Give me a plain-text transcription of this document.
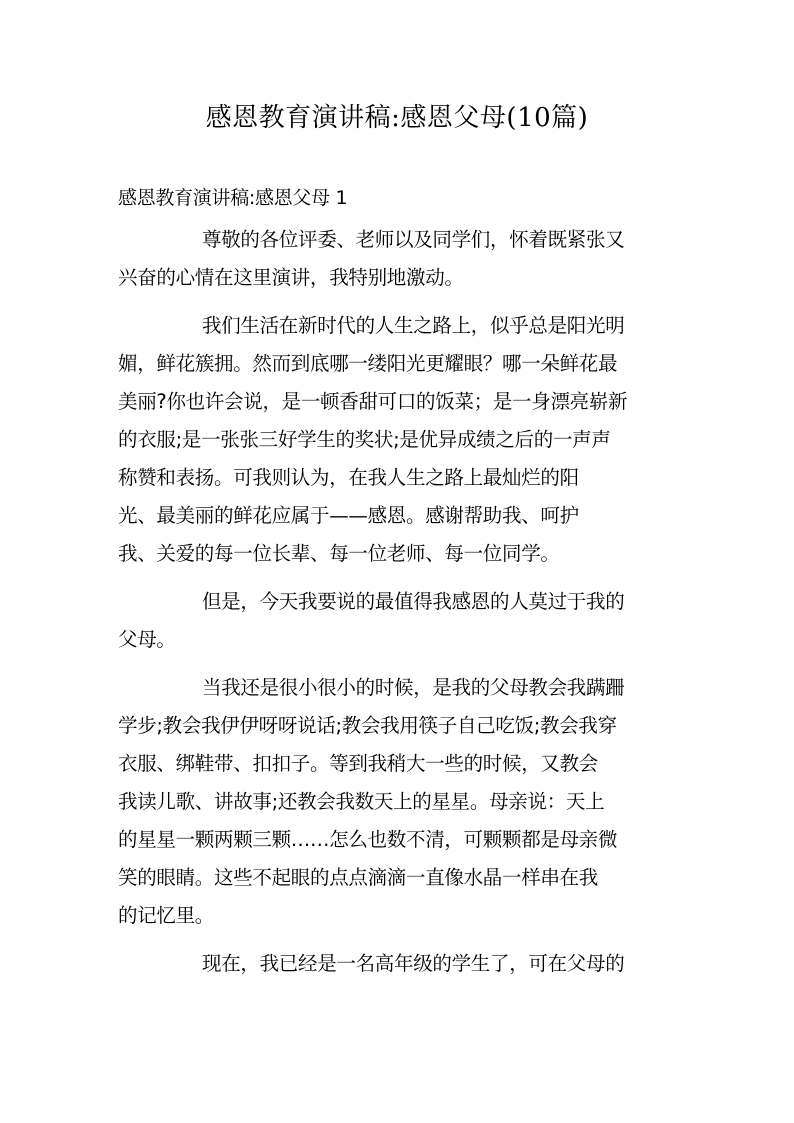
感恩教育演讲稿:感恩父母(10篇)
感恩教育演讲稿:感恩父母 1
尊敬的各位评委、老师以及同学们，怀着既紧张又
兴奋的心情在这里演讲，我特别地激动。
我们生活在新时代的人生之路上，似乎总是阳光明
媚，鲜花簇拥。然而到底哪一缕阳光更耀眼？哪一朵鲜花最
美丽?你也许会说，是一顿香甜可口的饭菜；是一身漂亮崭新
的衣服;是一张张三好学生的奖状;是优异成绩之后的一声声
称赞和表扬。可我则认为，在我人生之路上最灿烂的阳
光、最美丽的鲜花应属于——感恩。感谢帮助我、呵护
我、关爱的每一位长辈、每一位老师、每一位同学。
但是，今天我要说的最值得我感恩的人莫过于我的
父母。
当我还是很小很小的时候，是我的父母教会我蹒跚
学步;教会我伊伊呀呀说话;教会我用筷子自己吃饭;教会我穿
衣服、绑鞋带、扣扣子。等到我稍大一些的时候，又教会
我读儿歌、讲故事;还教会我数天上的星星。母亲说：天上
的星星一颗两颗三颗……怎么也数不清，可颗颗都是母亲微
笑的眼睛。这些不起眼的点点滴滴一直像水晶一样串在我
的记忆里。
现在，我已经是一名高年级的学生了，可在父母的
